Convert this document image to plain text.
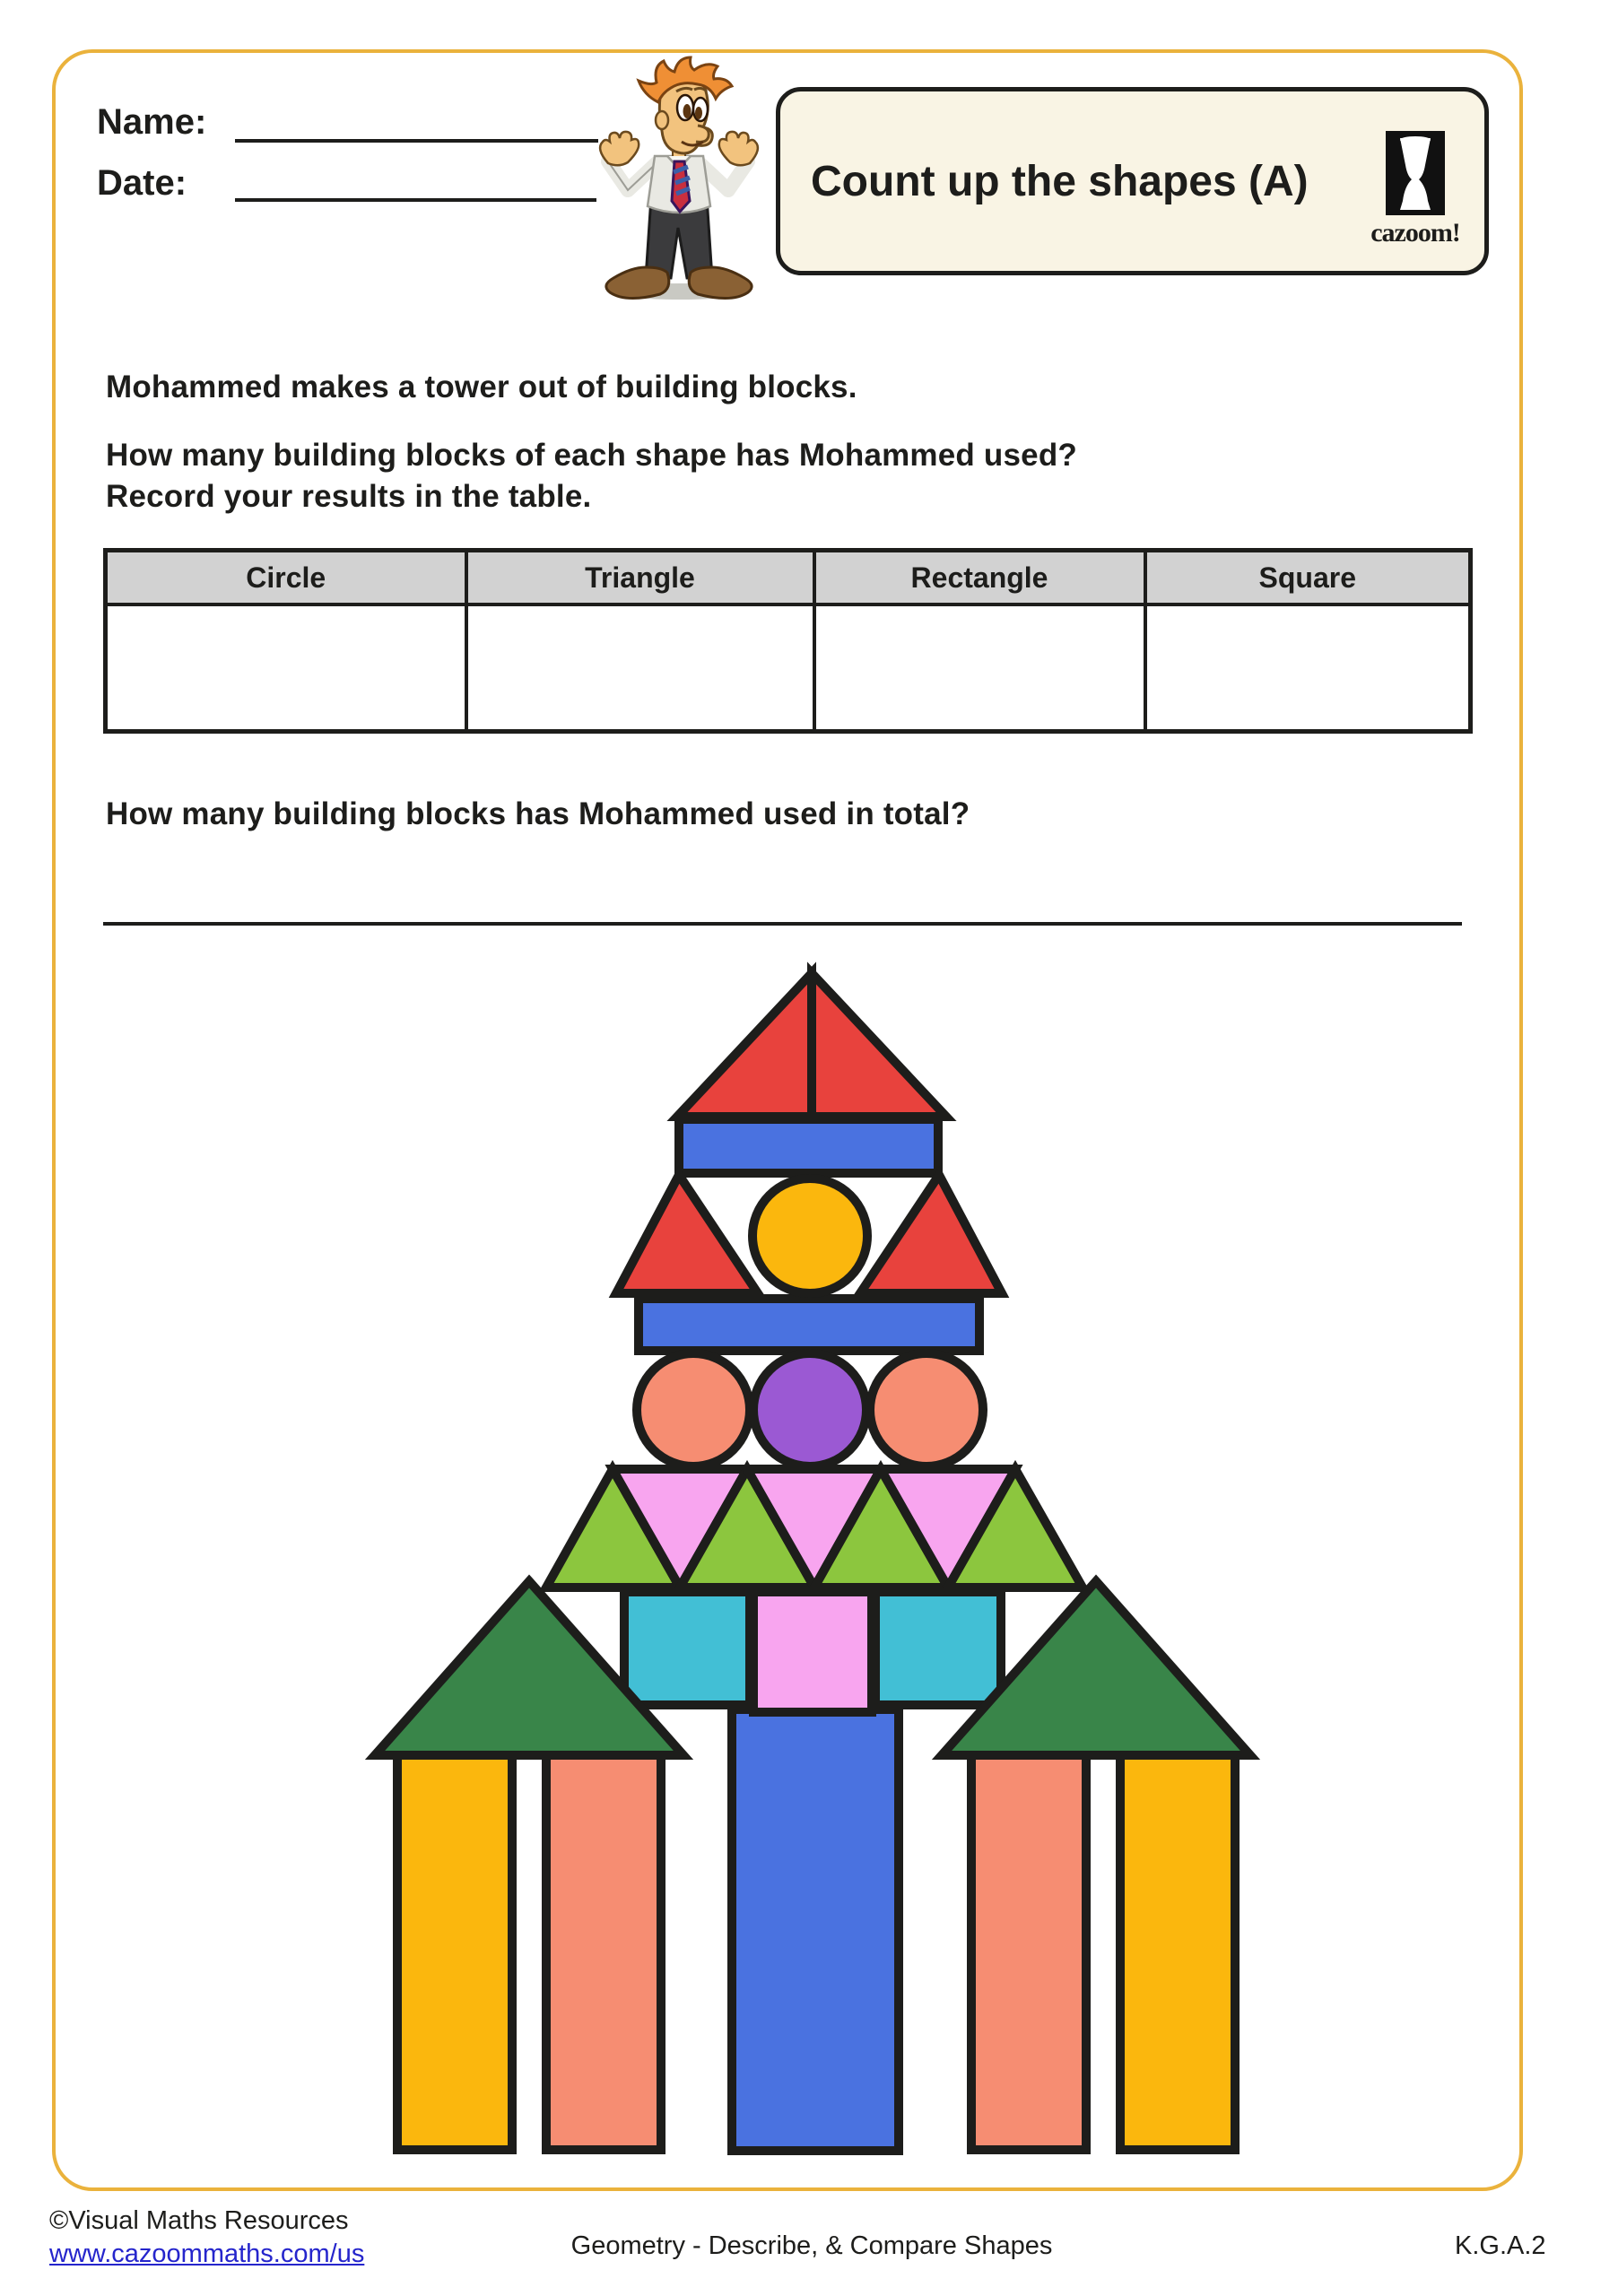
Name:
Date:	Count up the shapes (A)
cazoom!
Mohammed makes a tower out of building blocks.
How many building blocks of each shape has Mohammed used?
Record your results in the table.
Circle	Triangle	Rectangle	Square

How many building blocks has Mohammed used in total?
©Visual Maths Resources
www.cazoommaths.com/us	Geometry - Describe, & Compare Shapes	K.G.A.2
